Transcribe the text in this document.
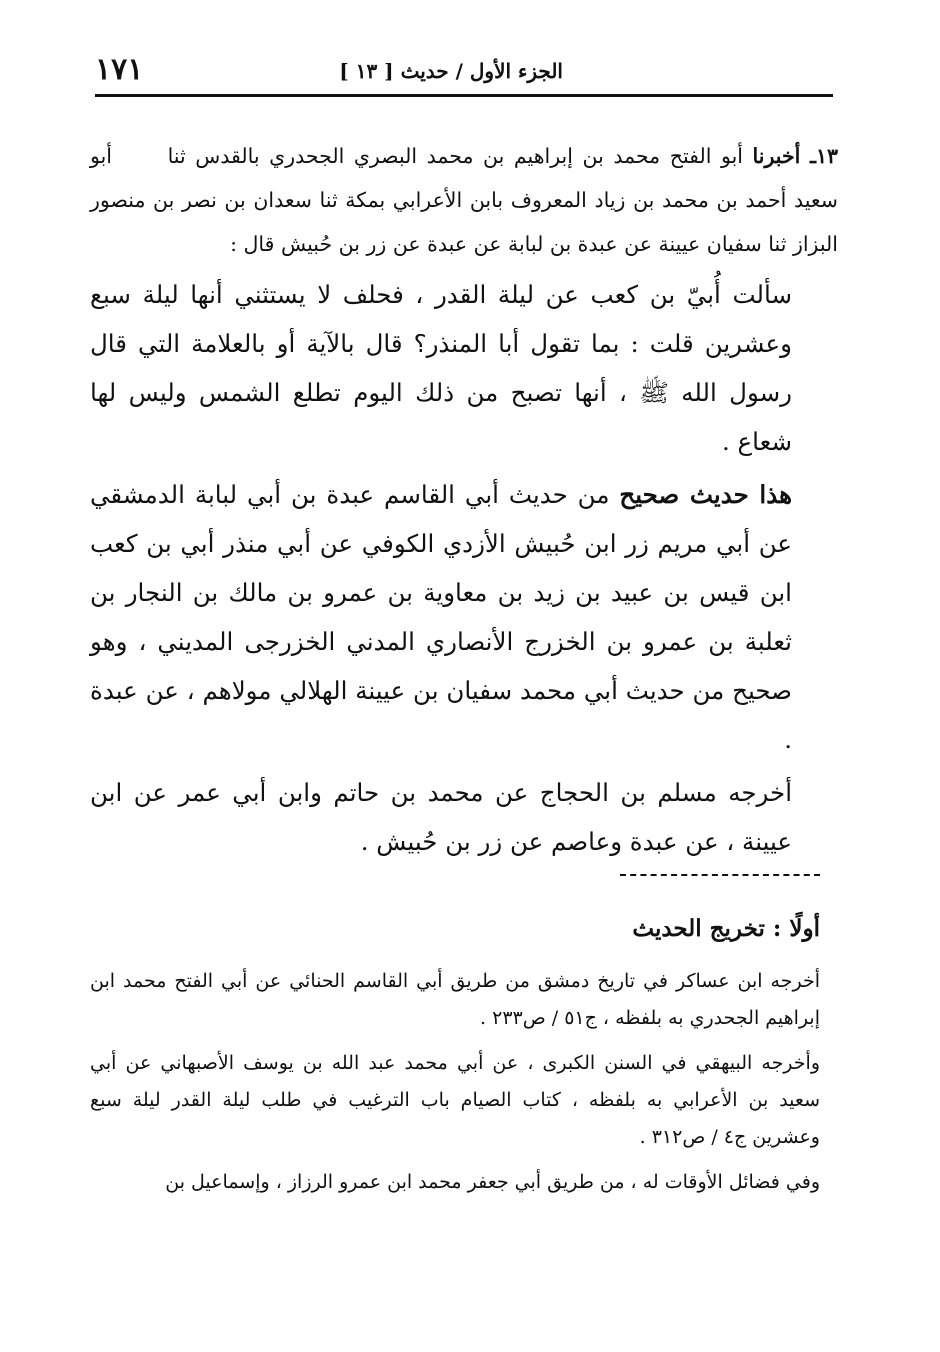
١٧١	الجزء الأول / حديث [ ١٣ ]

١٣ـ أخبرنا أبو الفتح محمد بن إبراهيم بن محمد البصري الجحدري بالقدس ثنا أبو سعيد أحمد بن محمد بن زياد المعروف بابن الأعرابي بمكة ثنا سعدان بن نصر بن منصور البزاز ثنا سفيان عيينة عن عبدة بن لبابة عن عبدة عن زر بن حُبيش قال :

سألت أُبيّ بن كعب عن ليلة القدر ، فحلف لا يستثني أنها ليلة سبع وعشرين قلت : بما تقول أبا المنذر؟ قال بالآية أو بالعلامة التي قال رسول الله ﷺ ، أنها تصبح من ذلك اليوم تطلع الشمس وليس لها شعاع .

هذا حديث صحيح من حديث أبي القاسم عبدة بن أبي لبابة الدمشقي عن أبي مريم زر ابن حُبيش الأزدي الكوفي عن أبي منذر أبي بن كعب ابن قيس بن عبيد بن زيد بن معاوية بن عمرو بن مالك بن النجار بن ثعلبة بن عمرو بن الخزرج الأنصاري المدني الخزرجى المديني ، وهو صحيح من حديث أبي محمد سفيان بن عيينة الهلالي مولاهم ، عن عبدة .

أخرجه مسلم بن الحجاج عن محمد بن حاتم وابن أبي عمر عن ابن عيينة ، عن عبدة وعاصم عن زر بن حُبيش .

أولًا : تخريج الحديث

أخرجه ابن عساكر في تاريخ دمشق من طريق أبي القاسم الحنائي عن أبي الفتح محمد ابن إبراهيم الجحدري به بلفظه ، ج٥١ / ص٢٣٣ .

وأخرجه البيهقي في السنن الكبرى ، عن أبي محمد عبد الله بن يوسف الأصبهاني عن أبي سعيد بن الأعرابي به بلفظه ، كتاب الصيام باب الترغيب في طلب ليلة القدر ليلة سبع وعشرين ج٤ / ص٣١٢ .

وفي فضائل الأوقات له ، من طريق أبي جعفر محمد ابن عمرو الرزاز ، وإسماعيل بن
